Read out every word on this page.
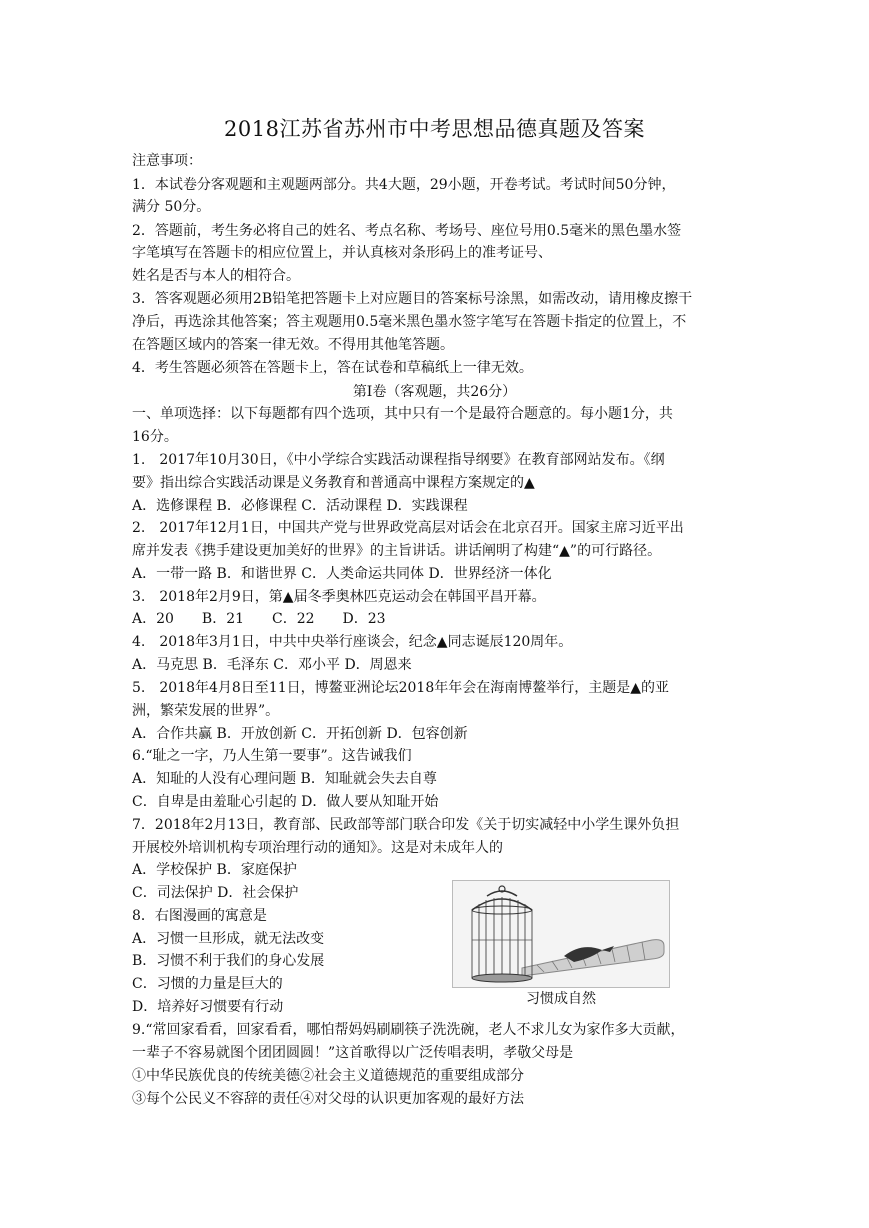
2018江苏省苏州市中考思想品德真题及答案
注意事项：
1．本试卷分客观题和主观题两部分。共4大题，29小题，开卷考试。考试时间50分钟，
满分 50分。
2．答题前，考生务必将自己的姓名、考点名称、考场号、座位号用0.5毫米的黑色墨水签
字笔填写在答题卡的相应位置上，并认真核对条形码上的准考证号、
姓名是否与本人的相符合。
3．答客观题必须用2B铅笔把答题卡上对应题目的答案标号涂黑，如需改动，请用橡皮擦干
净后，再选涂其他答案；答主观题用0.5毫米黑色墨水签字笔写在答题卡指定的位置上，不
在答题区域内的答案一律无效。不得用其他笔答题。
4．考生答题必须答在答题卡上，答在试卷和草稿纸上一律无效。
第Ⅰ卷（客观题，共26分）
一、单项选择：以下每题都有四个选项，其中只有一个是最符合题意的。每小题1分，共
16分。
1.　2017年10月30日，《中小学综合实践活动课程指导纲要》在教育部网站发布。《纲
要》指出综合实践活动课是义务教育和普通高中课程方案规定的▲
A．选修课程 B．必修课程 C．活动课程 D．实践课程
2.　2017年12月1日，中国共产党与世界政党高层对话会在北京召开。国家主席习近平出
席并发表《携手建设更加美好的世界》的主旨讲话。讲话阐明了构建“▲”的可行路径。
A．一带一路 B．和谐世界 C．人类命运共同体 D．世界经济一体化
3.　2018年2月9日，第▲届冬季奥林匹克运动会在韩国平昌开幕。
A．20　　B．21　　C．22　　D．23
4.　2018年3月1日，中共中央举行座谈会，纪念▲同志诞辰120周年。
A．马克思 B．毛泽东 C．邓小平 D．周恩来
5.　2018年4月8日至11日，博鳌亚洲论坛2018年年会在海南博鳌举行，主题是▲的亚
洲，繁荣发展的世界”。
A．合作共赢 B．开放创新 C．开拓创新 D．包容创新
6.“耻之一字，乃人生第一要事”。这告诫我们
A．知耻的人没有心理问题 B．知耻就会失去自尊
C．自卑是由羞耻心引起的 D．做人要从知耻开始
7．2018年2月13日，教育部、民政部等部门联合印发《关于切实减轻中小学生课外负担
开展校外培训机构专项治理行动的通知》。这是对未成年人的
A．学校保护 B．家庭保护
C．司法保护 D．社会保护
8．右图漫画的寓意是
A．习惯一旦形成，就无法改变
B．习惯不利于我们的身心发展
C．习惯的力量是巨大的
D．培养好习惯要有行动
9.“常回家看看，回家看看，哪怕帮妈妈刷刷筷子洗洗碗，老人不求儿女为家作多大贡献，
一辈子不容易就图个团团圆圆！”这首歌得以广泛传唱表明，孝敬父母是
①中华民族优良的传统美德②社会主义道德规范的重要组成部分
③每个公民义不容辞的责任④对父母的认识更加客观的最好方法
习惯成自然
